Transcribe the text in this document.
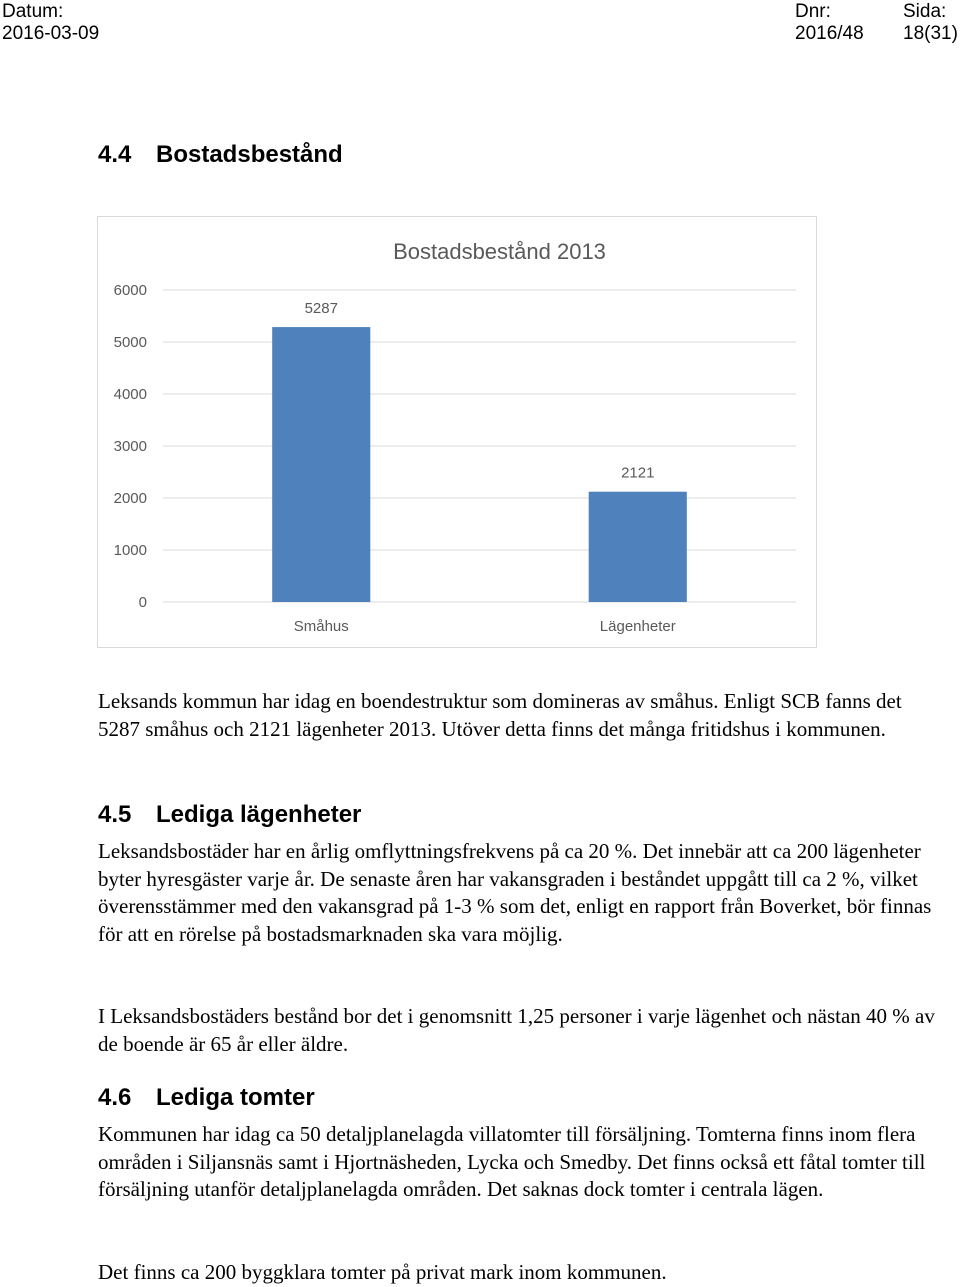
Datum:
2016-03-09
Dnr:
2016/48
Sida:
18(31)
4.4 Bostadsbestånd
Bostadsbestånd 2013
0
1000
2000
3000
4000
5000
6000
5287
Småhus
2121
Lägenheter

Leksands kommun har idag en boendestruktur som domineras av småhus. Enligt SCB fanns det 5287 småhus och 2121 lägenheter 2013. Utöver detta finns det många fritidshus i kommunen.

4.5 Lediga lägenheter

Leksandsbostäder har en årlig omflyttningsfrekvens på ca 20 %. Det innebär att ca 200 lägenheter byter hyresgäster varje år. De senaste åren har vakansgraden i beståndet uppgått till ca 2 %, vilket överensstämmer med den vakansgrad på 1-3 % som det, enligt en rapport från Boverket, bör finnas för att en rörelse på bostadsmarknaden ska vara möjlig.

I Leksandsbostäders bestånd bor det i genomsnitt 1,25 personer i varje lägenhet och nästan 40 % av de boende är 65 år eller äldre.

4.6 Lediga tomter

Kommunen har idag ca 50 detaljplanelagda villatomter till försäljning. Tomterna finns inom flera områden i Siljansnäs samt i Hjortnäsheden, Lycka och Smedby. Det finns också ett fåtal tomter till försäljning utanför detaljplanelagda områden. Det saknas dock tomter i centrala lägen.

Det finns ca 200 byggklara tomter på privat mark inom kommunen.
